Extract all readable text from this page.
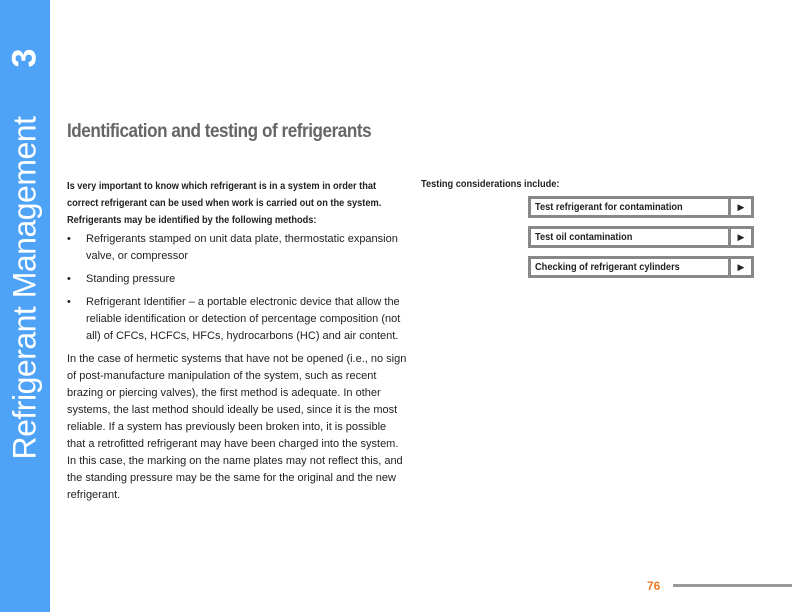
3
Refrigerant Management Identification and testing of refrigerants
Is very important to know which refrigerant is in a system in order that correct refrigerant can be used when work is carried out on the system. Refrigerants may be identified by the following methods:
• Refrigerants stamped on unit data plate, thermostatic expansion valve, or compressor
• Standing pressure
• Refrigerant Identifier – a portable electronic device that allow the reliable identification or detection of percentage composition (not all) of CFCs, HCFCs, HFCs, hydrocarbons (HC) and air content.

In the case of hermetic systems that have not be opened (i.e., no sign of post-manufacture manipulation of the system, such as recent brazing or piercing valves), the first method is adequate. In other systems, the last method should ideally be used, since it is the most reliable. If a system has previously been broken into, it is possible that a retrofitted refrigerant may have been charged into the system. In this case, the marking on the name plates may not reflect this, and the standing pressure may be the same for the original and the new refrigerant.

Testing considerations include:
Test refrigerant for contamination	▶
Test oil contamination	▶
Checking of refrigerant cylinders	▶
76
